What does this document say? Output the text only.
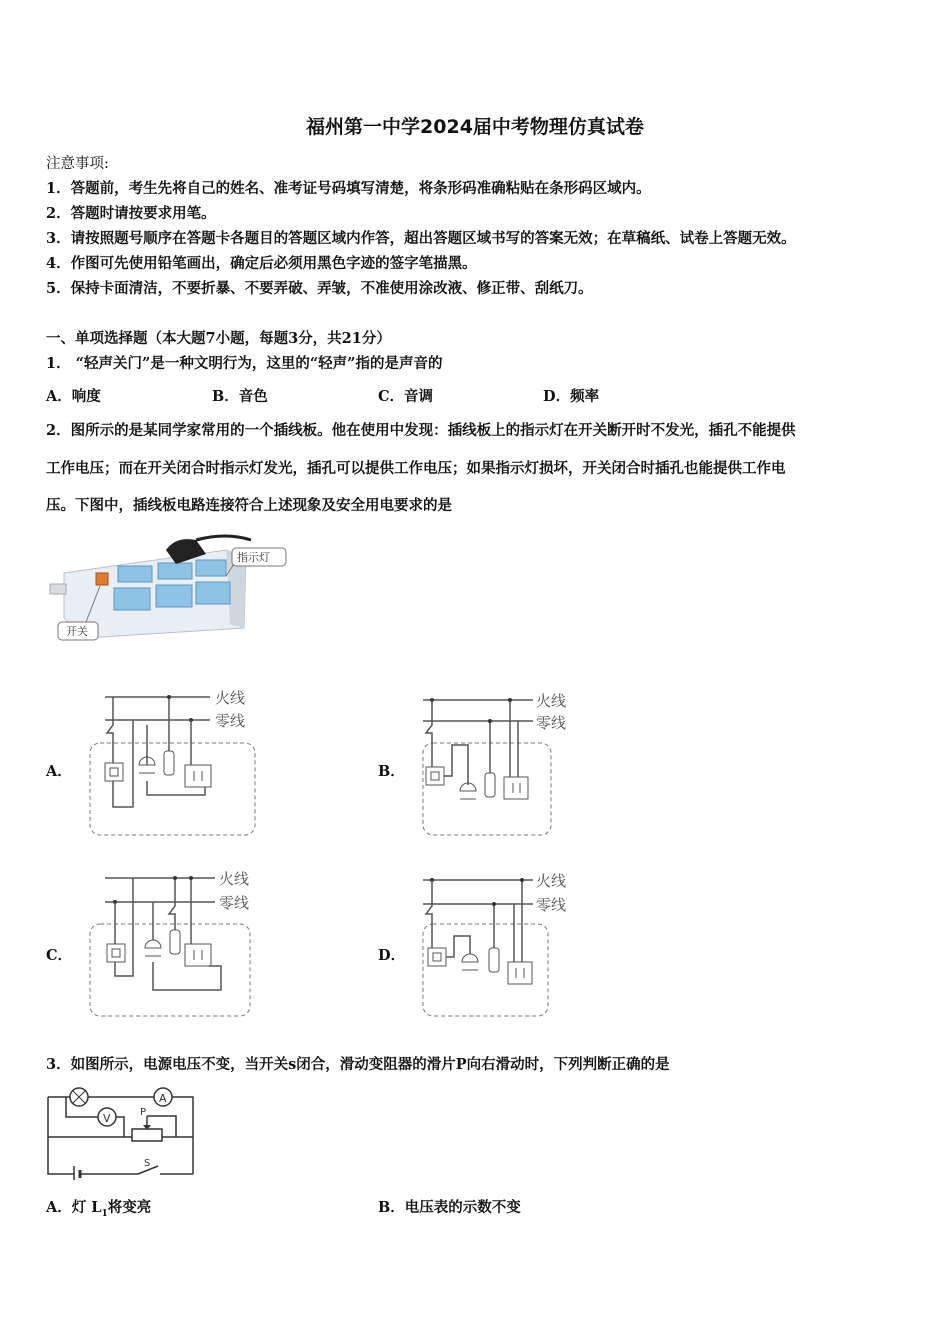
福州第一中学2024届中考物理仿真试卷
注意事项:
1．答题前，考生先将自己的姓名、准考证号码填写清楚，将条形码准确粘贴在条形码区域内。
2．答题时请按要求用笔。
3．请按照题号顺序在答题卡各题目的答题区域内作答，超出答题区域书写的答案无效；在草稿纸、试卷上答题无效。
4．作图可先使用铅笔画出，确定后必须用黑色字迹的签字笔描黑。
5．保持卡面清洁，不要折暴、不要弄破、弄皱，不准使用涂改液、修正带、刮纸刀。
一、单项选择题（本大题7小题，每题3分，共21分）
1． “轻声关门”是一种文明行为，这里的“轻声”指的是声音的
A．响度	B．音色	C．音调	D．频率
2．图所示的是某同学家常用的一个插线板。他在使用中发现：插线板上的指示灯在开关断开时不发光，插孔不能提供
工作电压；而在开关闭合时指示灯发光，插孔可以提供工作电压；如果指示灯损坏，开关闭合时插孔也能提供工作电
压。下图中，插线板电路连接符合上述现象及安全用电要求的是
指示灯
开关
A．	B．
C．	D．
火线
零线
火线
零线
火线
零线
火线
零线
3．如图所示，电源电压不变，当开关s闭合，滑动变阻器的滑片P向右滑动时，下列判断正确的是
A
S
V	P
A．灯 $L_1$将变亮	B．电压表的示数不变
